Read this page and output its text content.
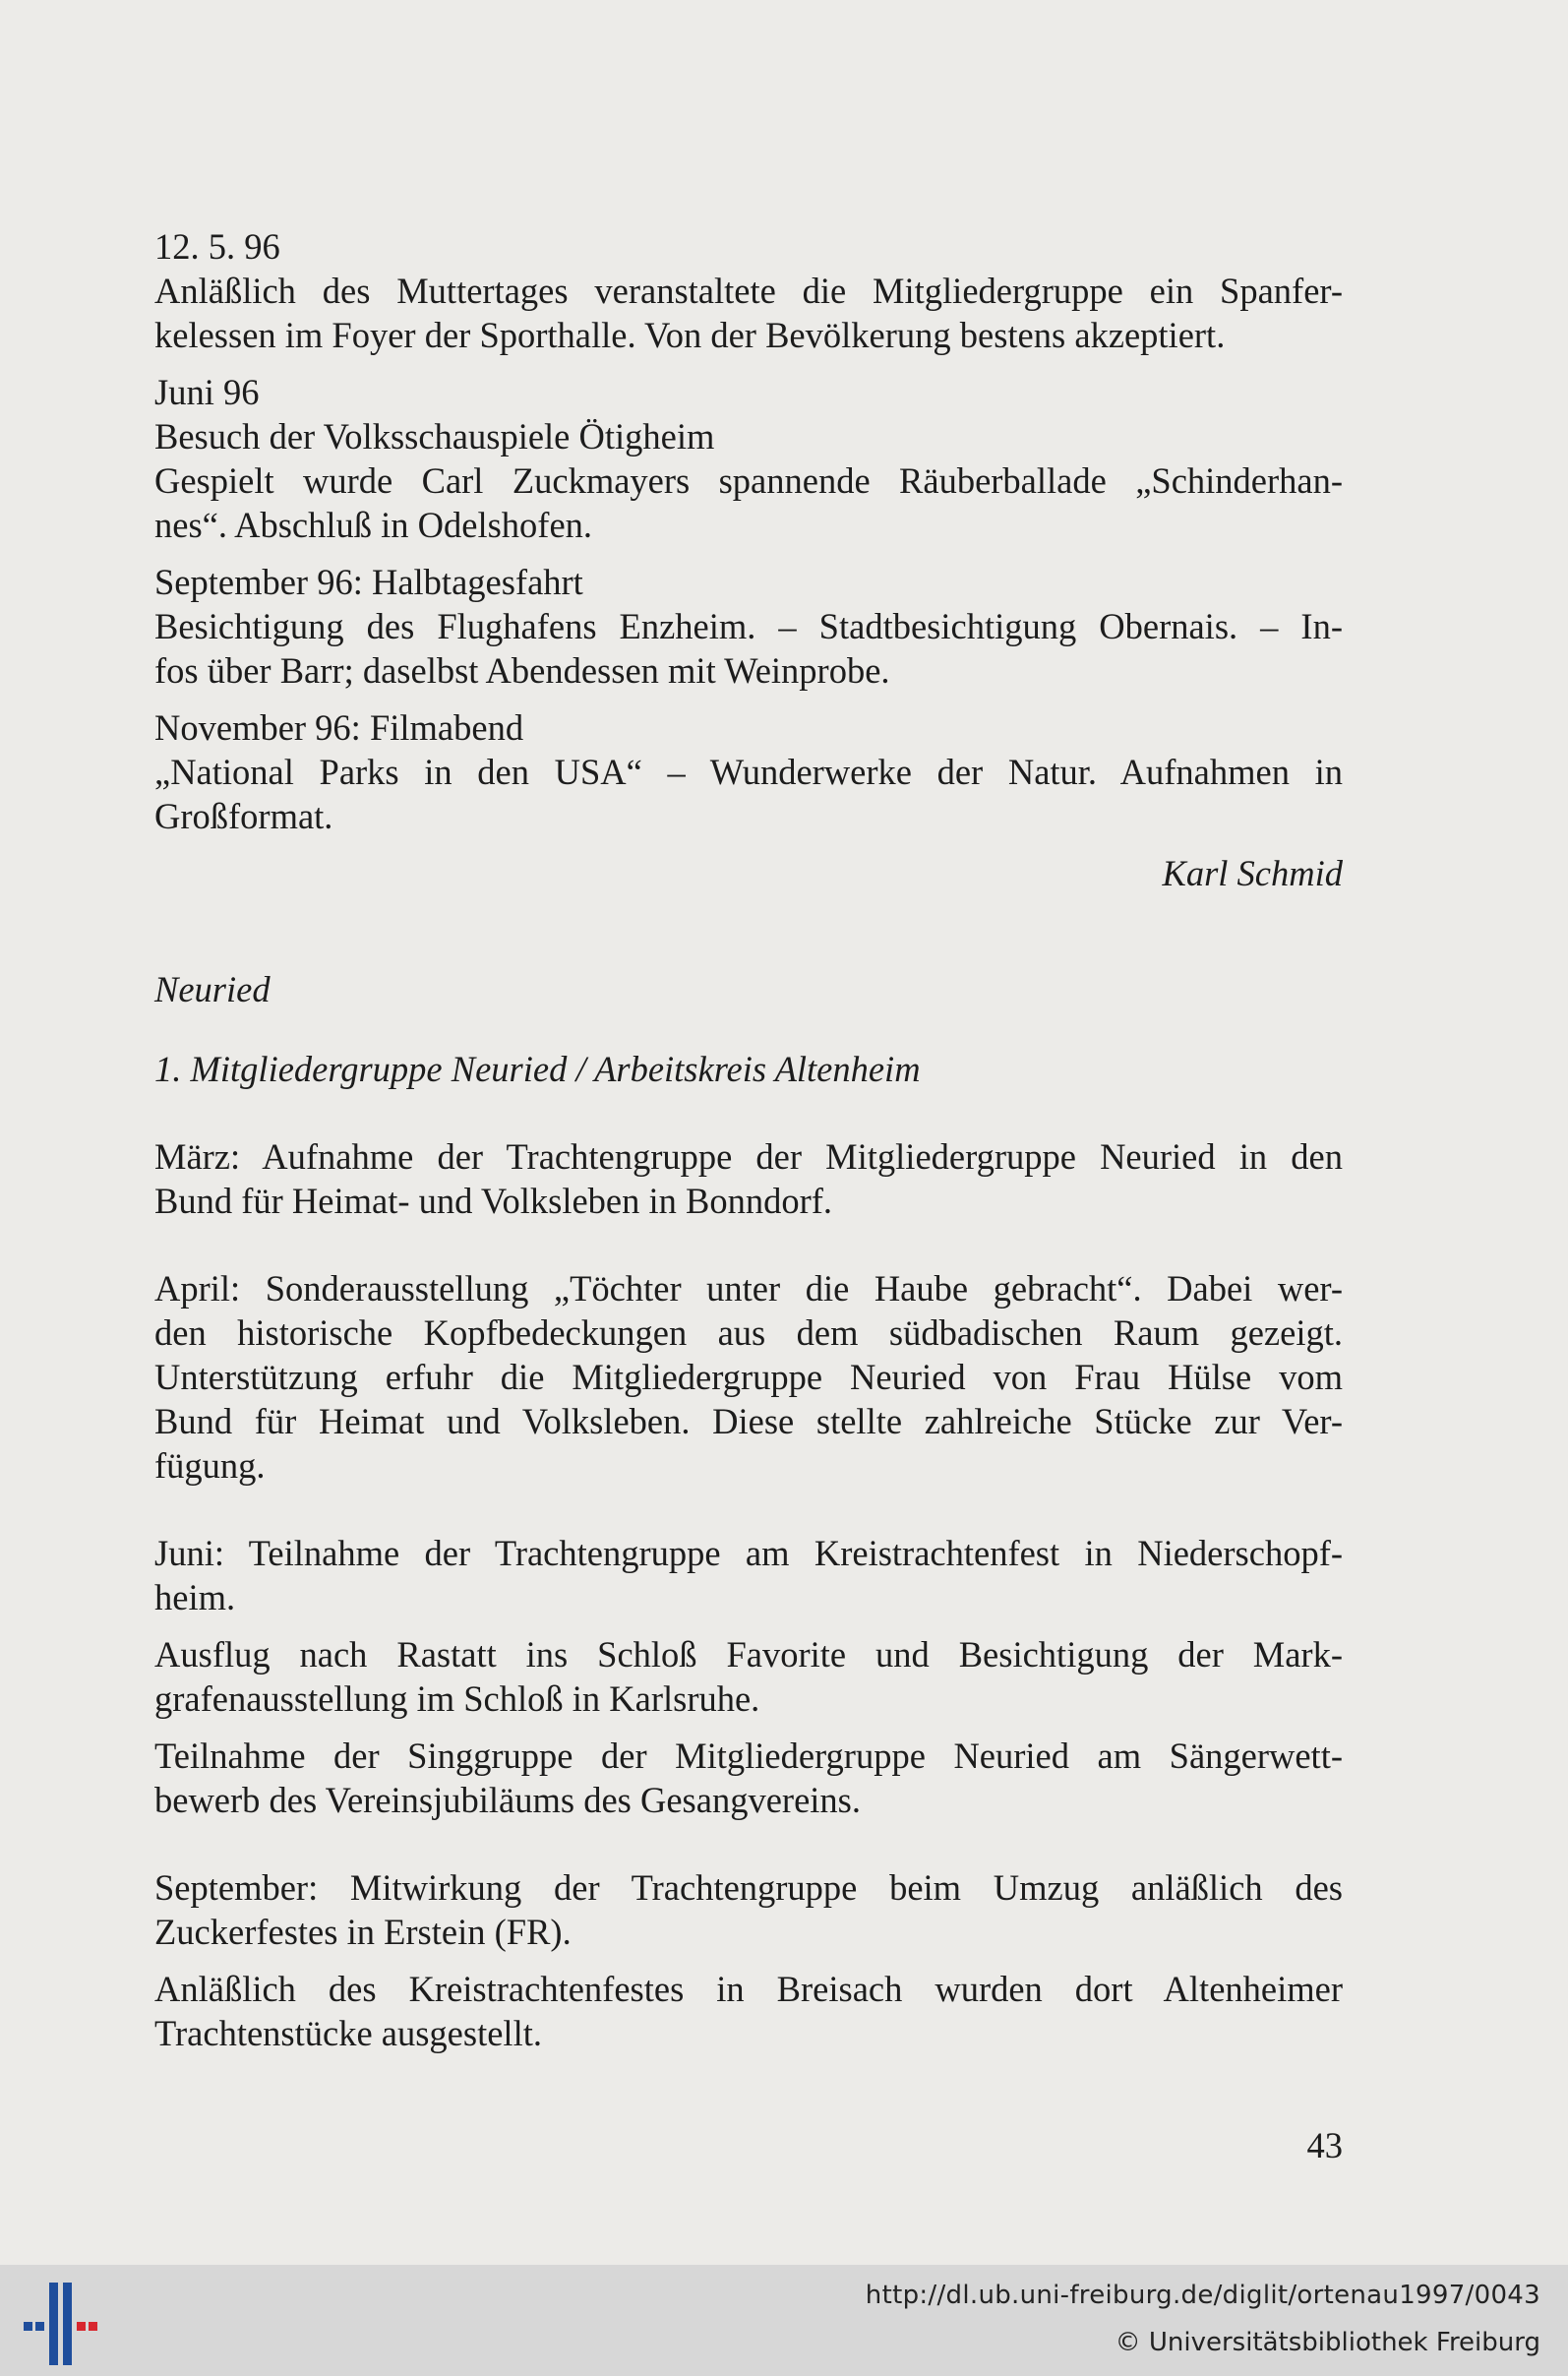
12. 5. 96
Anläßlich des Muttertages veranstaltete die Mitgliedergruppe ein Spanfer-
kelessen im Foyer der Sporthalle. Von der Bevölkerung bestens akzeptiert.
Juni 96
Besuch der Volksschauspiele Ötigheim
Gespielt wurde Carl Zuckmayers spannende Räuberballade „Schinderhan-
nes“. Abschluß in Odelshofen.
September 96: Halbtagesfahrt
Besichtigung des Flughafens Enzheim. – Stadtbesichtigung Obernais. – In-
fos über Barr; daselbst Abendessen mit Weinprobe.
November 96: Filmabend
„National Parks in den USA“ – Wunderwerke der Natur. Aufnahmen in
Großformat.
Karl Schmid
Neuried
1. Mitgliedergruppe Neuried / Arbeitskreis Altenheim
März: Aufnahme der Trachtengruppe der Mitgliedergruppe Neuried in den
Bund für Heimat- und Volksleben in Bonndorf.
April: Sonderausstellung „Töchter unter die Haube gebracht“. Dabei wer-
den historische Kopfbedeckungen aus dem südbadischen Raum gezeigt.
Unterstützung erfuhr die Mitgliedergruppe Neuried von Frau Hülse vom
Bund für Heimat und Volksleben. Diese stellte zahlreiche Stücke zur Ver-
fügung.
Juni: Teilnahme der Trachtengruppe am Kreistrachtenfest in Niederschopf-
heim.
Ausflug nach Rastatt ins Schloß Favorite und Besichtigung der Mark-
grafenausstellung im Schloß in Karlsruhe.
Teilnahme der Singgruppe der Mitgliedergruppe Neuried am Sängerwett-
bewerb des Vereinsjubiläums des Gesangvereins.
September: Mitwirkung der Trachtengruppe beim Umzug anläßlich des
Zuckerfestes in Erstein (FR).
Anläßlich des Kreistrachtenfestes in Breisach wurden dort Altenheimer
Trachtenstücke ausgestellt.
43
http://dl.ub.uni-freiburg.de/diglit/ortenau1997/0043
© Universitätsbibliothek Freiburg
